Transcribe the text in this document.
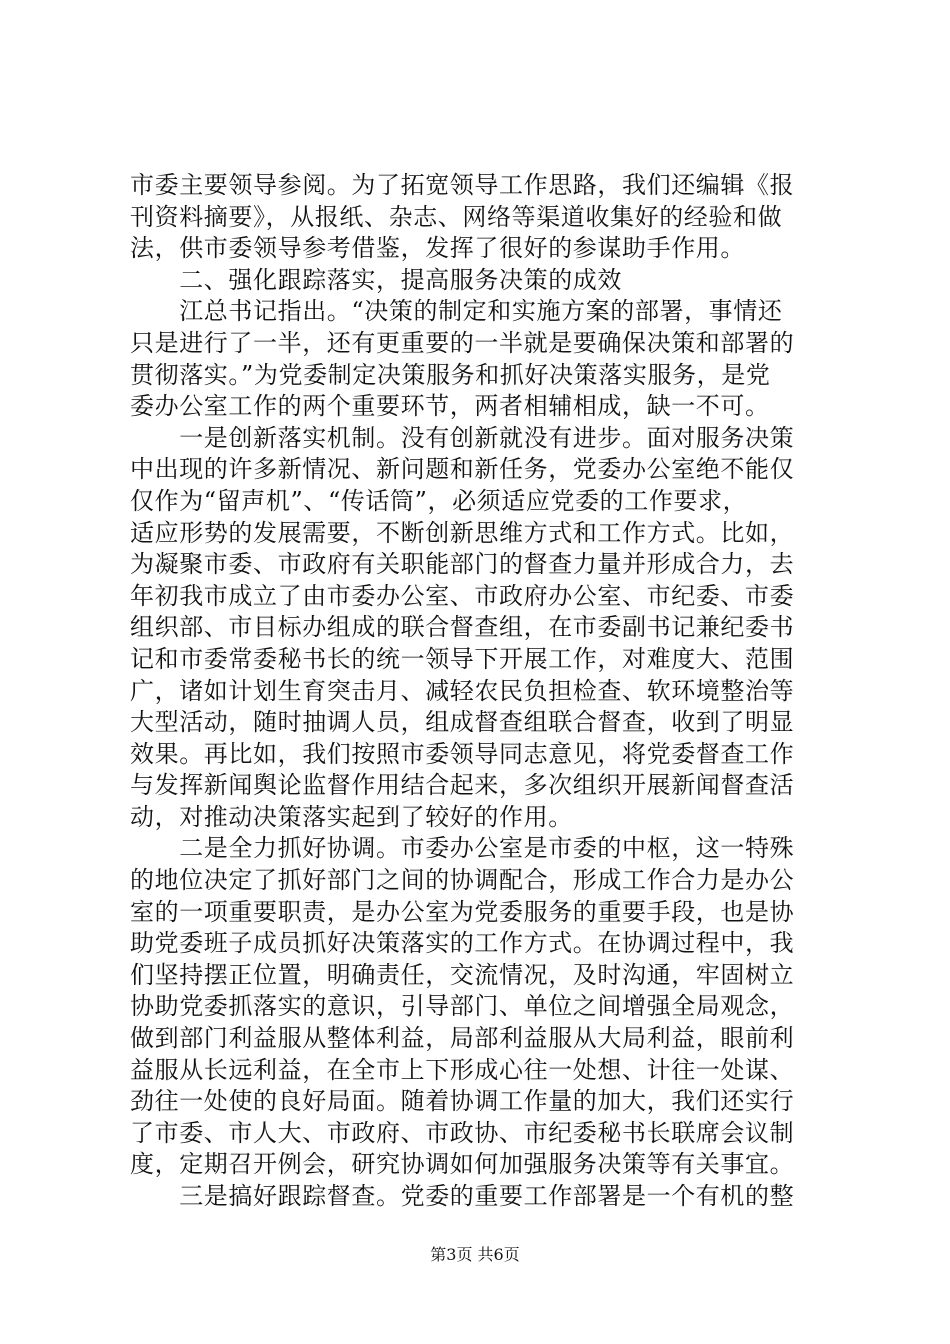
市委主要领导参阅。为了拓宽领导工作思路，我们还编辑《报
刊资料摘要》，从报纸、杂志、网络等渠道收集好的经验和做
法，供市委领导参考借鉴，发挥了很好的参谋助手作用。
　　二、强化跟踪落实，提高服务决策的成效
　　江总书记指出。“决策的制定和实施方案的部署，事情还
只是进行了一半，还有更重要的一半就是要确保决策和部署的
贯彻落实。”为党委制定决策服务和抓好决策落实服务，是党
委办公室工作的两个重要环节，两者相辅相成，缺一不可。
　　一是创新落实机制。没有创新就没有进步。面对服务决策
中出现的许多新情况、新问题和新任务，党委办公室绝不能仅
仅作为“留声机”、“传话筒”，必须适应党委的工作要求，
适应形势的发展需要，不断创新思维方式和工作方式。比如，
为凝聚市委、市政府有关职能部门的督查力量并形成合力，去
年初我市成立了由市委办公室、市政府办公室、市纪委、市委
组织部、市目标办组成的联合督查组，在市委副书记兼纪委书
记和市委常委秘书长的统一领导下开展工作，对难度大、范围
广，诸如计划生育突击月、减轻农民负担检查、软环境整治等
大型活动，随时抽调人员，组成督查组联合督查，收到了明显
效果。再比如，我们按照市委领导同志意见，将党委督查工作
与发挥新闻舆论监督作用结合起来，多次组织开展新闻督查活
动，对推动决策落实起到了较好的作用。
　　二是全力抓好协调。市委办公室是市委的中枢，这一特殊
的地位决定了抓好部门之间的协调配合，形成工作合力是办公
室的一项重要职责，是办公室为党委服务的重要手段，也是协
助党委班子成员抓好决策落实的工作方式。在协调过程中，我
们坚持摆正位置，明确责任，交流情况，及时沟通，牢固树立
协助党委抓落实的意识，引导部门、单位之间增强全局观念，
做到部门利益服从整体利益，局部利益服从大局利益，眼前利
益服从长远利益，在全市上下形成心往一处想、计往一处谋、
劲往一处使的良好局面。随着协调工作量的加大，我们还实行
了市委、市人大、市政府、市政协、市纪委秘书长联席会议制
度，定期召开例会，研究协调如何加强服务决策等有关事宜。
　　三是搞好跟踪督查。党委的重要工作部署是一个有机的整
第3页 共6页
